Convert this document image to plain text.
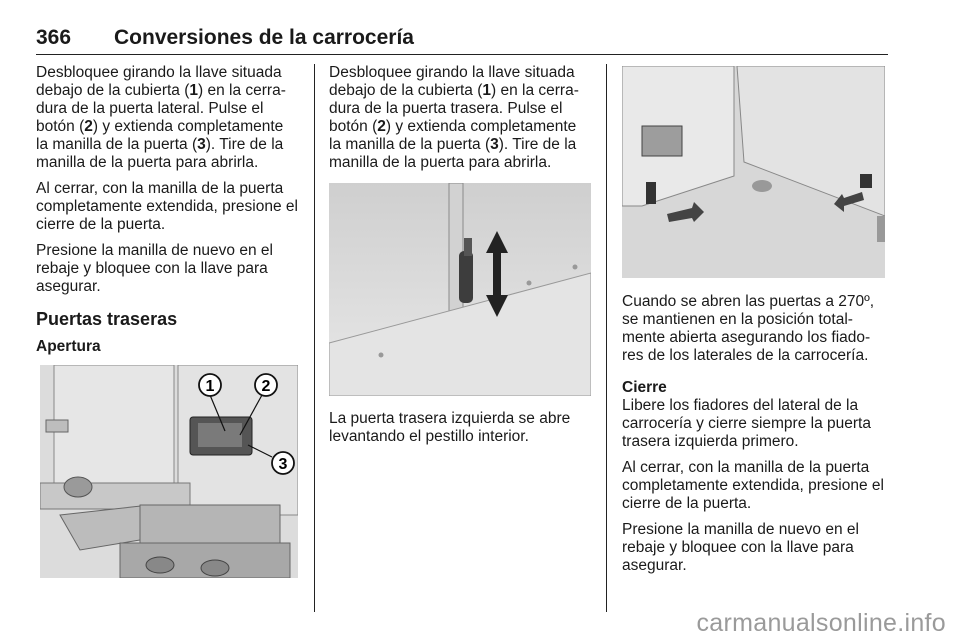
366 Conversiones de la carrocería

Desbloquee girando la llave situada debajo de la cubierta (1) en la cerra-dura de la puerta lateral. Pulse el botón (2) y extienda completamente la manilla de la puerta (3). Tire de la manilla de la puerta para abrirla.

Al cerrar, con la manilla de la puerta completamente extendida, presione el cierre de la puerta.

Presione la manilla de nuevo en el rebaje y bloquee con la llave para asegurar.

Puertas traseras
Apertura
1	2
3

Desbloquee girando la llave situada debajo de la cubierta (1) en la cerra-dura de la puerta trasera. Pulse el botón (2) y extienda completamente la manilla de la puerta (3). Tire de la manilla de la puerta para abrirla.

La puerta trasera izquierda se abre levantando el pestillo interior.

Cuando se abren las puertas a 270º, se mantienen en la posición total-mente abierta asegurando los fiado-res de los laterales de la carrocería.

Cierre

Libere los fiadores del lateral de la carrocería y cierre siempre la puerta trasera izquierda primero.

Al cerrar, con la manilla de la puerta completamente extendida, presione el cierre de la puerta.

Presione la manilla de nuevo en el rebaje y bloquee con la llave para asegurar.

carmanualsonline.info
